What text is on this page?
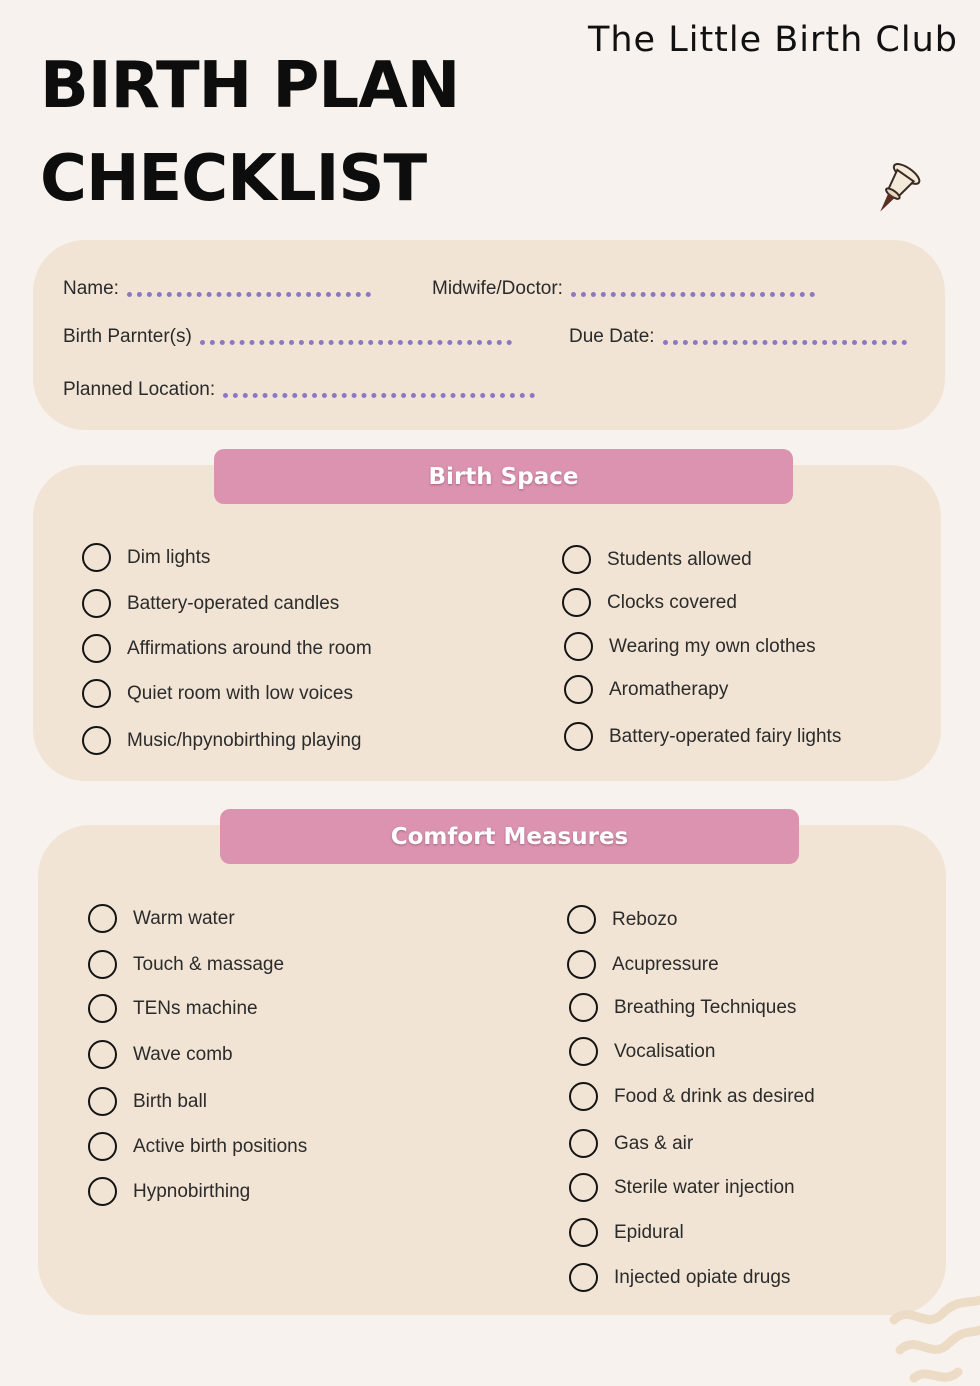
The Little Birth Club
BIRTH PLAN
CHECKLIST
Name:	Midwife/Doctor:
Birth Parnter(s)	Due Date:
Planned Location:
Birth Space
Dim lights
Battery-operated candles
Affirmations around the room
Quiet room with low voices
Music/hpynobirthing playing
Students allowed
Clocks covered
Wearing my own clothes
Aromatherapy
Battery-operated fairy lights
Comfort Measures
Warm water
Touch & massage
TENs machine
Wave comb
Birth ball
Active birth positions
Hypnobirthing
Rebozo
Acupressure
Breathing Techniques
Vocalisation
Food & drink as desired
Gas & air
Sterile water injection
Epidural
Injected opiate drugs
